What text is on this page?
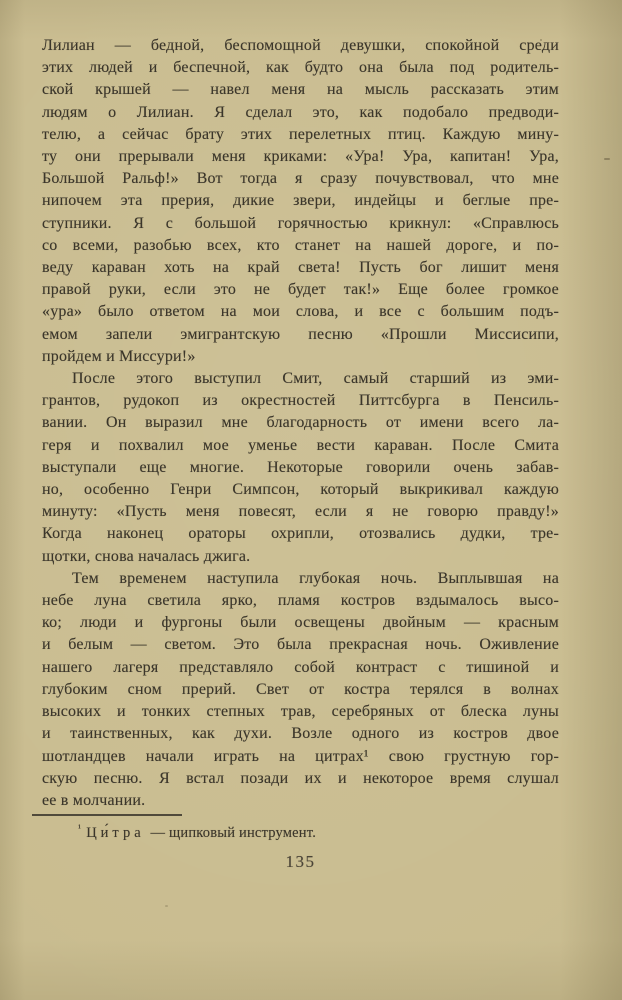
Лилиан — бедной, беспомощной девушки, спокойной среди
этих людей и беспечной, как будто она была под родитель-
ской крышей — навел меня на мысль рассказать этим
людям о Лилиан. Я сделал это, как подобало предводи-
телю, а сейчас брату этих перелетных птиц. Каждую мину-
ту они прерывали меня криками: «Ура! Ура, капитан! Ура,
Большой Ральф!» Вот тогда я сразу почувствовал, что мне
нипочем эта прерия, дикие звери, индейцы и беглые пре-
ступники. Я с большой горячностью крикнул: «Справлюсь
со всеми, разобью всех, кто станет на нашей дороге, и по-
веду караван хоть на край света! Пусть бог лишит меня
правой руки, если это не будет так!» Еще более громкое
«ура» было ответом на мои слова, и все с большим подъ-
емом запели эмигрантскую песню «Прошли Миссисипи,
пройдем и Миссури!»
После этого выступил Смит, самый старший из эми-
грантов, рудокоп из окрестностей Питтсбурга в Пенсиль-
вании. Он выразил мне благодарность от имени всего ла-
геря и похвалил мое уменье вести караван. После Смита
выступали еще многие. Некоторые говорили очень забав-
но, особенно Генри Симпсон, который выкрикивал каждую
минуту: «Пусть меня повесят, если я не говорю правду!»
Когда наконец ораторы охрипли, отозвались дудки, тре-
щотки, снова началась джига.
Тем временем наступила глубокая ночь. Выплывшая на
небе луна светила ярко, пламя костров вздымалось высо-
ко; люди и фургоны были освещены двойным — красным
и белым — светом. Это была прекрасная ночь. Оживление
нашего лагеря представляло собой контраст с тишиной и
глубоким сном прерий. Свет от костра терялся в волнах
высоких и тонких степных трав, серебряных от блеска луны
и таинственных, как духи. Возле одного из костров двое
шотландцев начали играть на цитрах¹ свою грустную гор-
скую песню. Я встал позади их и некоторое время слушал
ее в молчании.
$^{^1}$ Ци́тра — щипковый инструмент.
135
